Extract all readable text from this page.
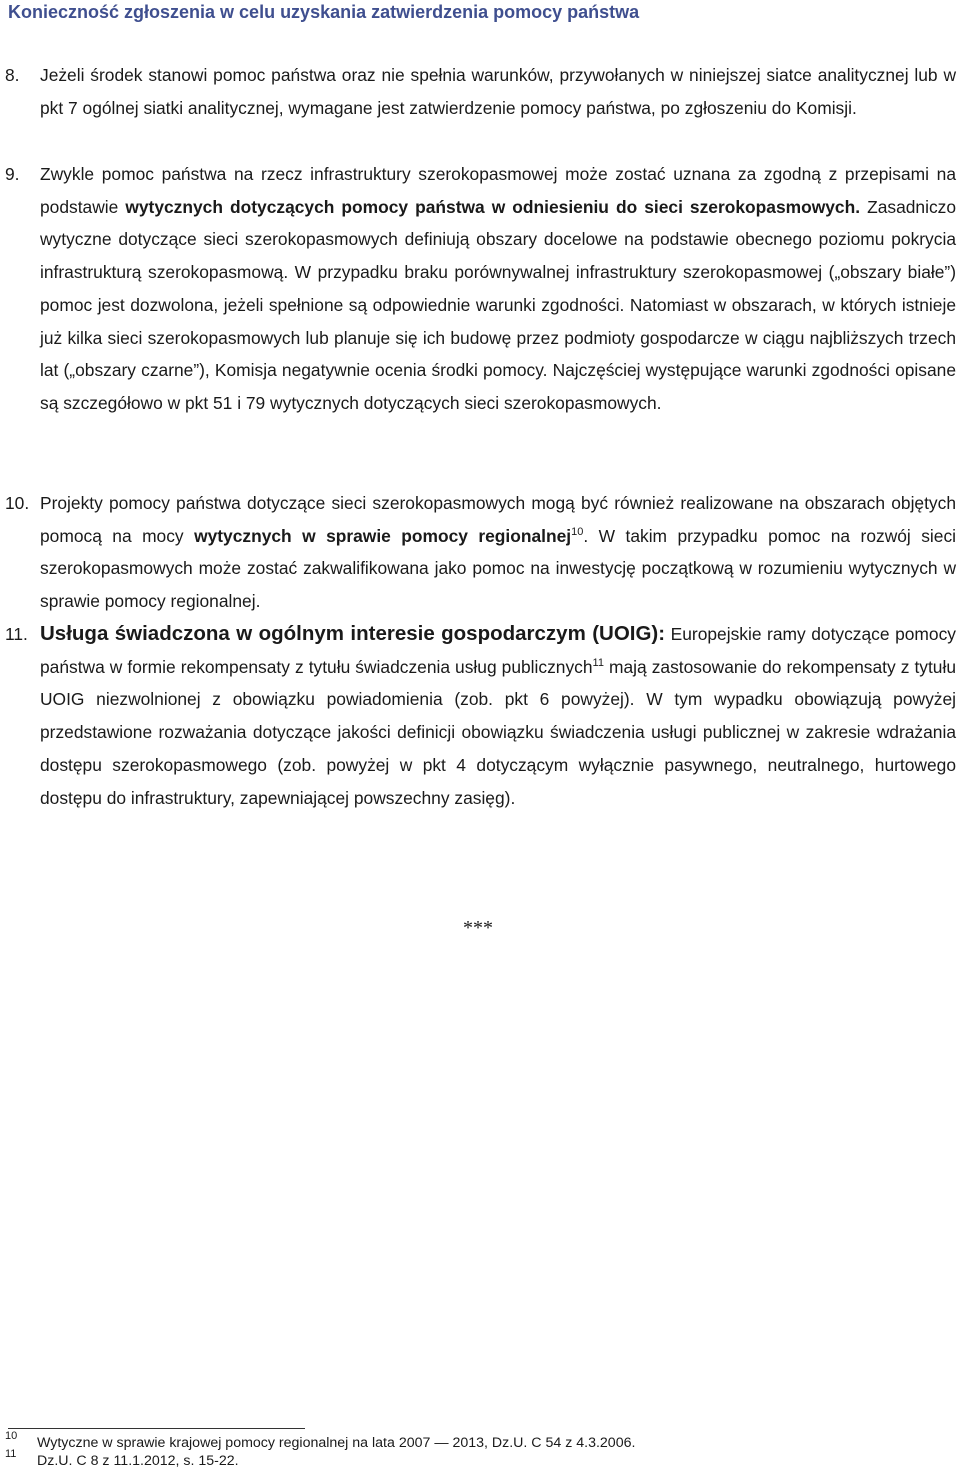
Konieczność zgłoszenia w celu uzyskania zatwierdzenia pomocy państwa
8.	Jeżeli środek stanowi pomoc państwa oraz nie spełnia warunków, przywołanych w niniejszej siatce analitycznej lub w pkt 7 ogólnej siatki analitycznej, wymagane jest zatwierdzenie pomocy państwa, po zgłoszeniu do Komisji.
9.	Zwykle pomoc państwa na rzecz infrastruktury szerokopasmowej może zostać uznana za zgodną z przepisami na podstawie wytycznych dotyczących pomocy państwa w odniesieniu do sieci szerokopasmowych. Zasadniczo wytyczne dotyczące sieci szerokopasmowych definiują obszary docelowe na podstawie obecnego poziomu pokrycia infrastrukturą szerokopasmową. W przypadku braku porównywalnej infrastruktury szerokopasmowej („obszary białe”) pomoc jest dozwolona, jeżeli spełnione są odpowiednie warunki zgodności. Natomiast w obszarach, w których istnieje już kilka sieci szerokopasmowych lub planuje się ich budowę przez podmioty gospodarcze w ciągu najbliższych trzech lat („obszary czarne”), Komisja negatywnie ocenia środki pomocy. Najczęściej występujące warunki zgodności opisane są szczegółowo w pkt 51 i 79 wytycznych dotyczących sieci szerokopasmowych.
10. Projekty pomocy państwa dotyczące sieci szerokopasmowych mogą być również realizowane na obszarach objętych pomocą na mocy wytycznych w sprawie pomocy regionalnej$^{10}$. W takim przypadku pomoc na rozwój sieci szerokopasmowych może zostać zakwalifikowana jako pomoc na inwestycję początkową w rozumieniu wytycznych w sprawie pomocy regionalnej.
11. Usługa świadczona w ogólnym interesie gospodarczym (UOIG): Europejskie ramy dotyczące pomocy państwa w formie rekompensaty z tytułu świadczenia usług publicznych$^{11}$ mają zastosowanie do rekompensaty z tytułu UOIG niezwolnionej z obowiązku powiadomienia (zob. pkt 6 powyżej). W tym wypadku obowiązują powyżej przedstawione rozważania dotyczące jakości definicji obowiązku świadczenia usługi publicznej w zakresie wdrażania dostępu szerokopasmowego (zob. powyżej w pkt 4 dotyczącym wyłącznie pasywnego, neutralnego, hurtowego dostępu do infrastruktury, zapewniającej powszechny zasięg).
***
10 Wytyczne w sprawie krajowej pomocy regionalnej na lata 2007 — 2013, Dz.U. C 54 z 4.3.2006.
11 Dz.U. C 8 z 11.1.2012, s. 15-22.
